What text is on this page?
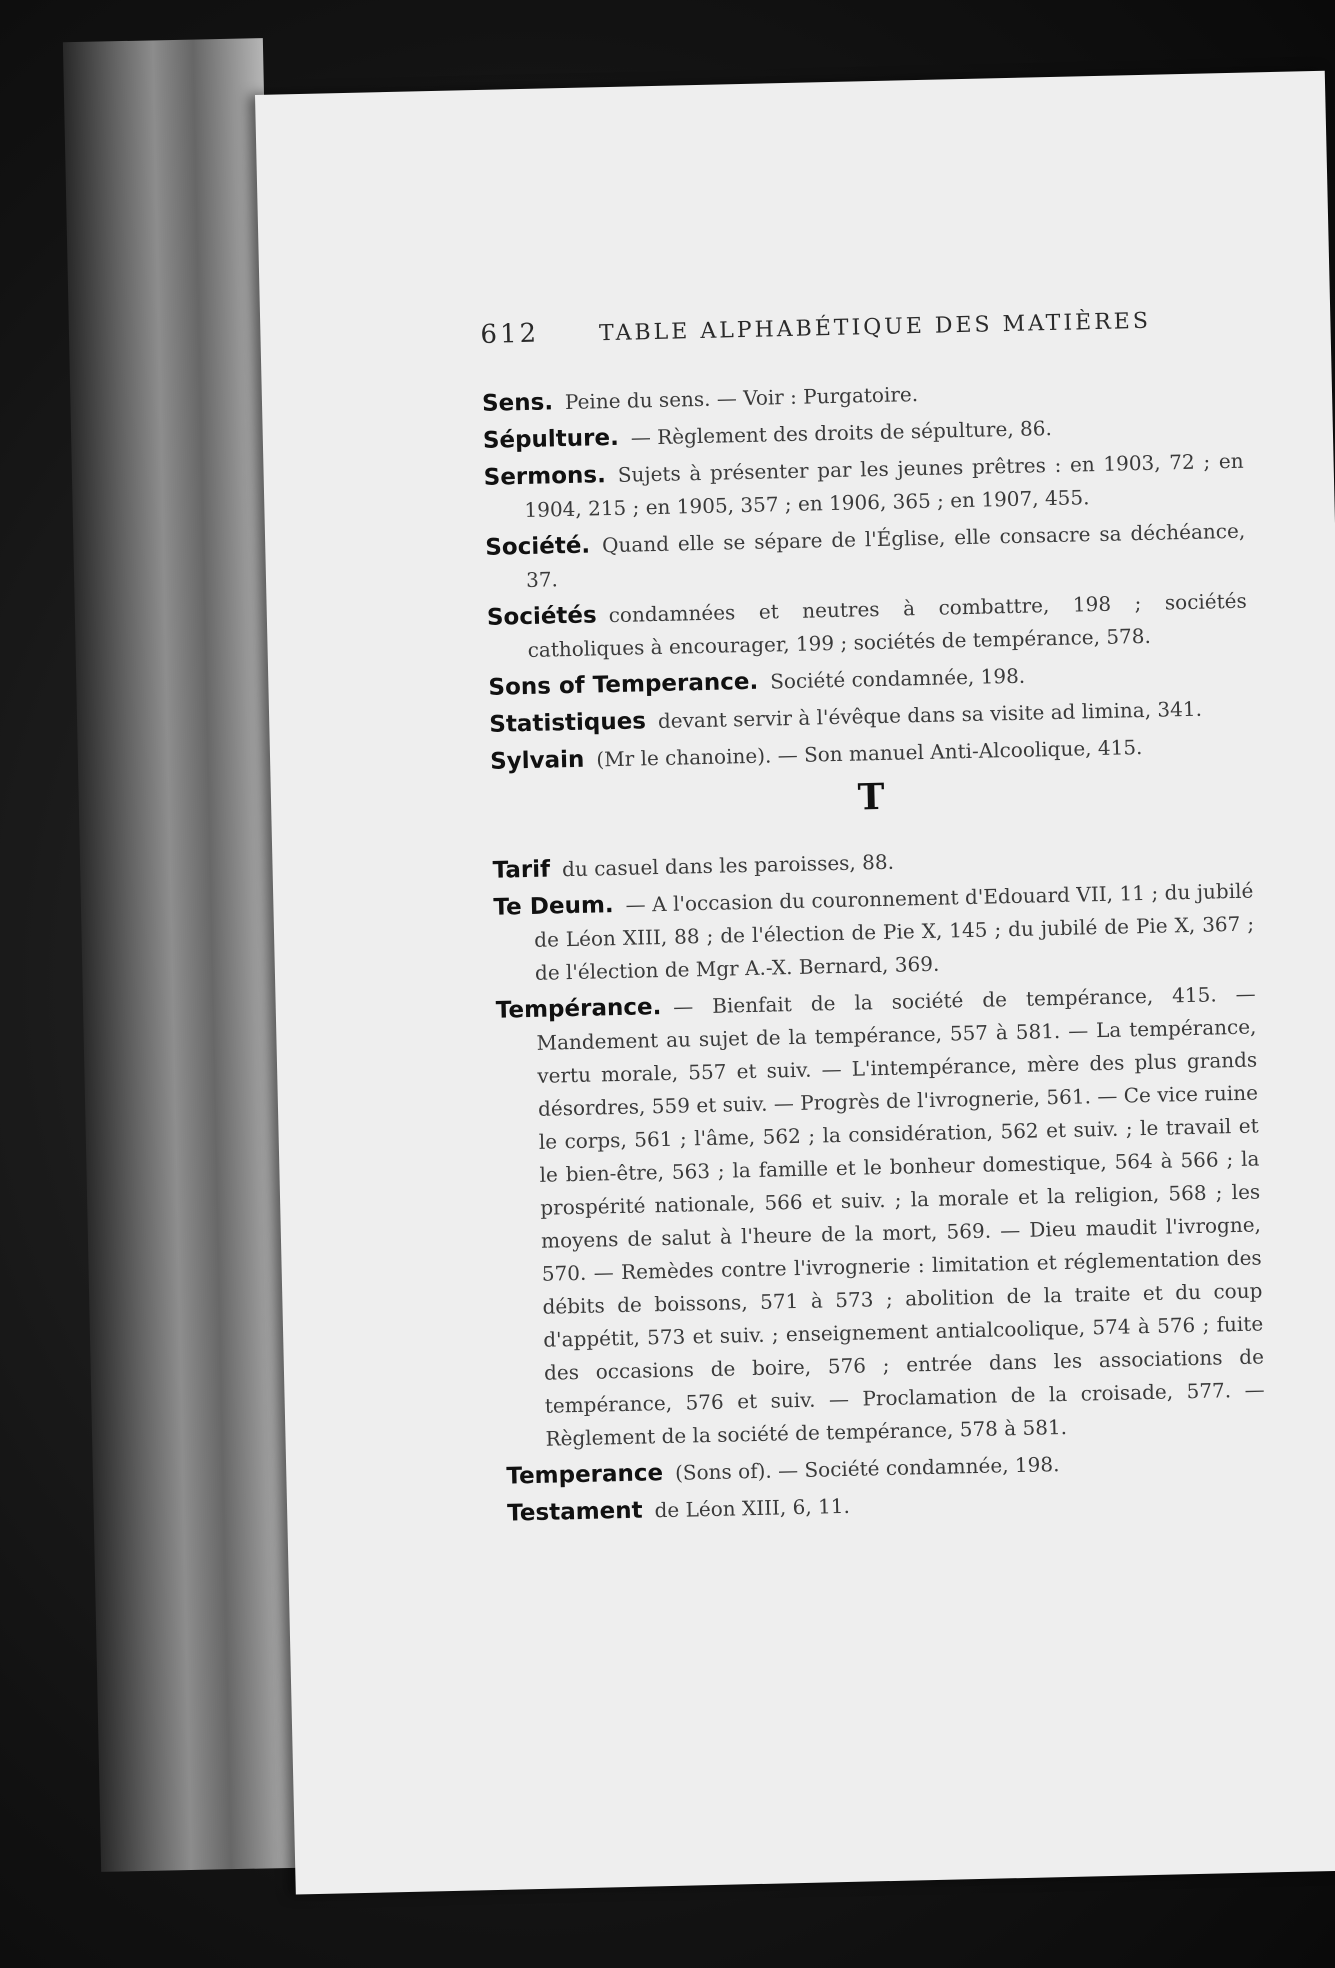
612	TABLE ALPHABÉTIQUE DES MATIÈRES
Sens. Peine du sens. — Voir : Purgatoire.
Sépulture. — Règlement des droits de sépulture, 86.
Sermons. Sujets à présenter par les jeunes prêtres : en 1903, 72 ; en 1904, 215 ; en 1905, 357 ; en 1906, 365 ; en 1907, 455.
Société. Quand elle se sépare de l'Église, elle consacre sa déchéance, 37.
Sociétés condamnées et neutres à combattre, 198 ; sociétés catholiques à encourager, 199 ; sociétés de tempérance, 578.
Sons of Temperance. Société condamnée, 198.
Statistiques devant servir à l'évêque dans sa visite ad limina, 341.
Sylvain (Mr le chanoine). — Son manuel Anti-Alcoolique, 415.
T
Tarif du casuel dans les paroisses, 88.
Te Deum. — A l'occasion du couronnement d'Edouard VII, 11 ; du jubilé de Léon XIII, 88 ; de l'élection de Pie X, 145 ; du jubilé de Pie X, 367 ; de l'élection de Mgr A.-X. Bernard, 369.
Tempérance. — Bienfait de la société de tempérance, 415. — Mandement au sujet de la tempérance, 557 à 581. — La tempérance, vertu morale, 557 et suiv. — L'intempérance, mère des plus grands désordres, 559 et suiv. — Progrès de l'ivrognerie, 561. — Ce vice ruine le corps, 561 ; l'âme, 562 ; la considération, 562 et suiv. ; le travail et le bien-être, 563 ; la famille et le bonheur domestique, 564 à 566 ; la prospérité nationale, 566 et suiv. ; la morale et la religion, 568 ; les moyens de salut à l'heure de la mort, 569. — Dieu maudit l'ivrogne, 570. — Remèdes contre l'ivrognerie : limitation et réglementation des débits de boissons, 571 à 573 ; abolition de la traite et du coup d'appétit, 573 et suiv. ; enseignement antialcoolique, 574 à 576 ; fuite des occasions de boire, 576 ; entrée dans les associations de tempérance, 576 et suiv. — Proclamation de la croisade, 577. — Règlement de la société de tempérance, 578 à 581.
Temperance (Sons of). — Société condamnée, 198.
Testament de Léon XIII, 6, 11.
